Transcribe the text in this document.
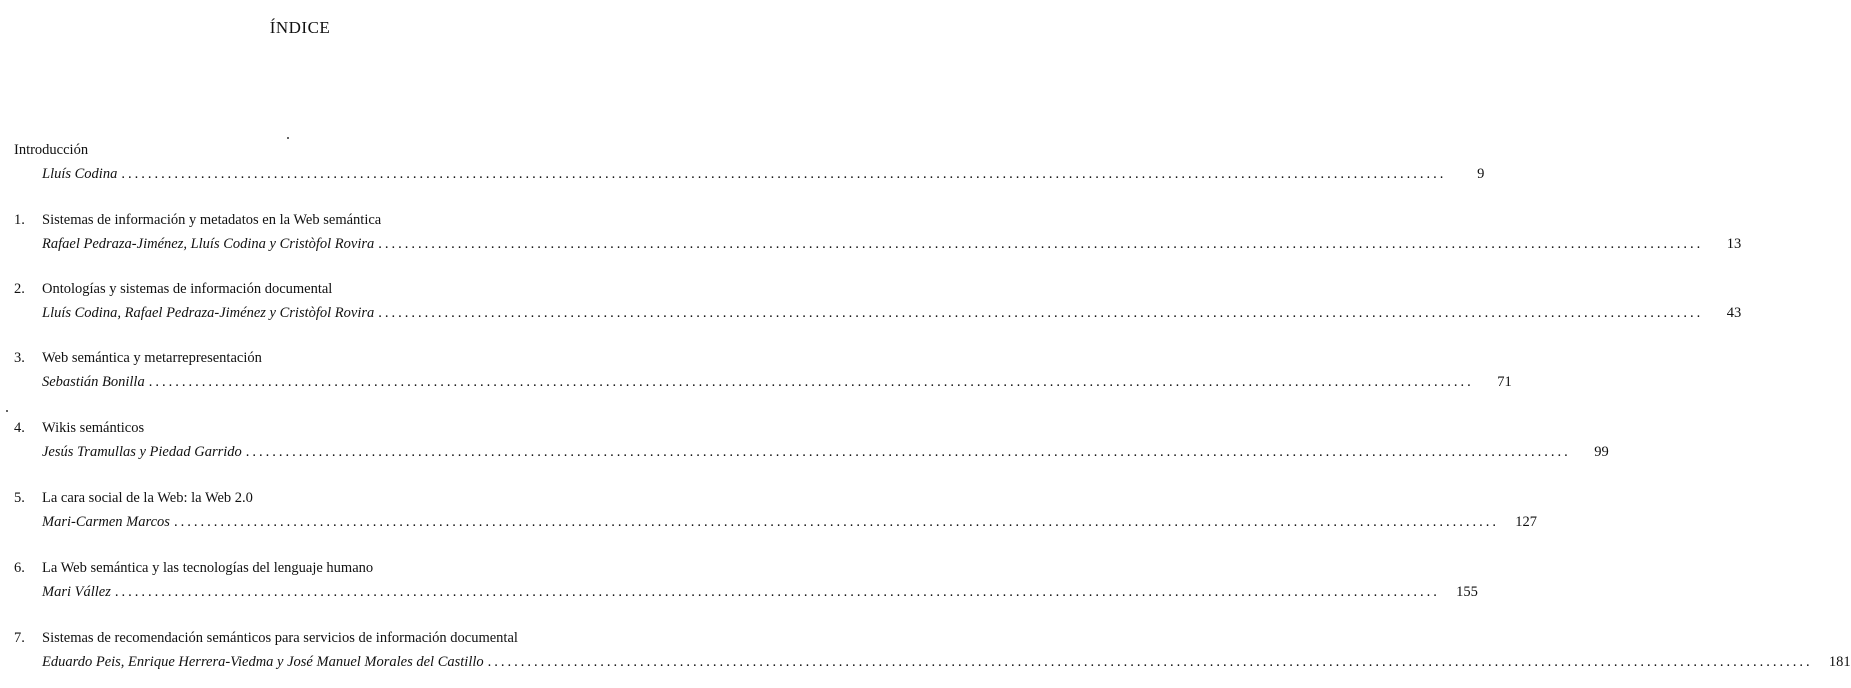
ÍNDICE
Introducción
Lluís Codina ........................................................................................................................................................................................................	9
1. Sistemas de información y metadatos en la Web semántica
Rafael Pedraza-Jiménez, Lluís Codina y Cristòfol Rovira ........................................................................................................................................................................................................	13
2. Ontologías y sistemas de información documental
Lluís Codina, Rafael Pedraza-Jiménez y Cristòfol Rovira ........................................................................................................................................................................................................	43
3. Web semántica y metarrepresentación
Sebastián Bonilla ........................................................................................................................................................................................................	71
4. Wikis semánticos
Jesús Tramullas y Piedad Garrido ........................................................................................................................................................................................................	99
5. La cara social de la Web: la Web 2.0
Mari-Carmen Marcos ........................................................................................................................................................................................................	127
6. La Web semántica y las tecnologías del lenguaje humano
Mari Vállez ........................................................................................................................................................................................................	155
7. Sistemas de recomendación semánticos para servicios de información documental
Eduardo Peis, Enrique Herrera-Viedma y José Manuel Morales del Castillo ........................................................................................................................................................................................................	181
